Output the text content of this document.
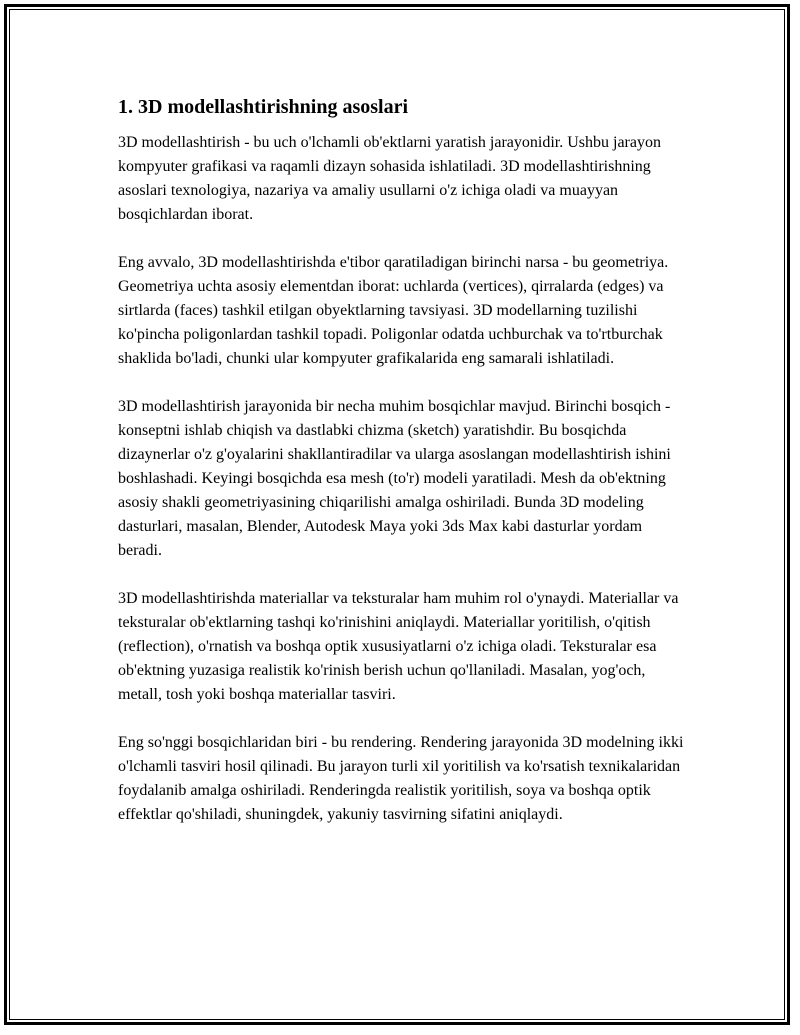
1. 3D modellashtirishning asoslari

3D modellashtirish - bu uch o'lchamli ob'ektlarni yaratish jarayonidir. Ushbu jarayon kompyuter grafikasi va raqamli dizayn sohasida ishlatiladi. 3D modellashtirishning asoslari texnologiya, nazariya va amaliy usullarni o'z ichiga oladi va muayyan bosqichlardan iborat.

Eng avvalo, 3D modellashtirishda e'tibor qaratiladigan birinchi narsa - bu geometriya. Geometriya uchta asosiy elementdan iborat: uchlarda (vertices), qirralarda (edges) va sirtlarda (faces) tashkil etilgan obyektlarning tavsiyasi. 3D modellarning tuzilishi ko'pincha poligonlardan tashkil topadi. Poligonlar odatda uchburchak va to'rtburchak shaklida bo'ladi, chunki ular kompyuter grafikalarida eng samarali ishlatiladi.

3D modellashtirish jarayonida bir necha muhim bosqichlar mavjud. Birinchi bosqich - konseptni ishlab chiqish va dastlabki chizma (sketch) yaratishdir. Bu bosqichda dizaynerlar o'z g'oyalarini shakllantiradilar va ularga asoslangan modellashtirish ishini boshlashadi. Keyingi bosqichda esa mesh (to'r) modeli yaratiladi. Mesh da ob'ektning asosiy shakli geometriyasining chiqarilishi amalga oshiriladi. Bunda 3D modeling dasturlari, masalan, Blender, Autodesk Maya yoki 3ds Max kabi dasturlar yordam beradi.

3D modellashtirishda materiallar va teksturalar ham muhim rol o'ynaydi. Materiallar va teksturalar ob'ektlarning tashqi ko'rinishini aniqlaydi. Materiallar yoritilish, o'qitish (reflection), o'rnatish va boshqa optik xususiyatlarni o'z ichiga oladi. Teksturalar esa ob'ektning yuzasiga realistik ko'rinish berish uchun qo'llaniladi. Masalan, yog'och, metall, tosh yoki boshqa materiallar tasviri.

Eng so'nggi bosqichlaridan biri - bu rendering. Rendering jarayonida 3D modelning ikki o'lchamli tasviri hosil qilinadi. Bu jarayon turli xil yoritilish va ko'rsatish texnikalaridan foydalanib amalga oshiriladi. Renderingda realistik yoritilish, soya va boshqa optik effektlar qo'shiladi, shuningdek, yakuniy tasvirning sifatini aniqlaydi.
